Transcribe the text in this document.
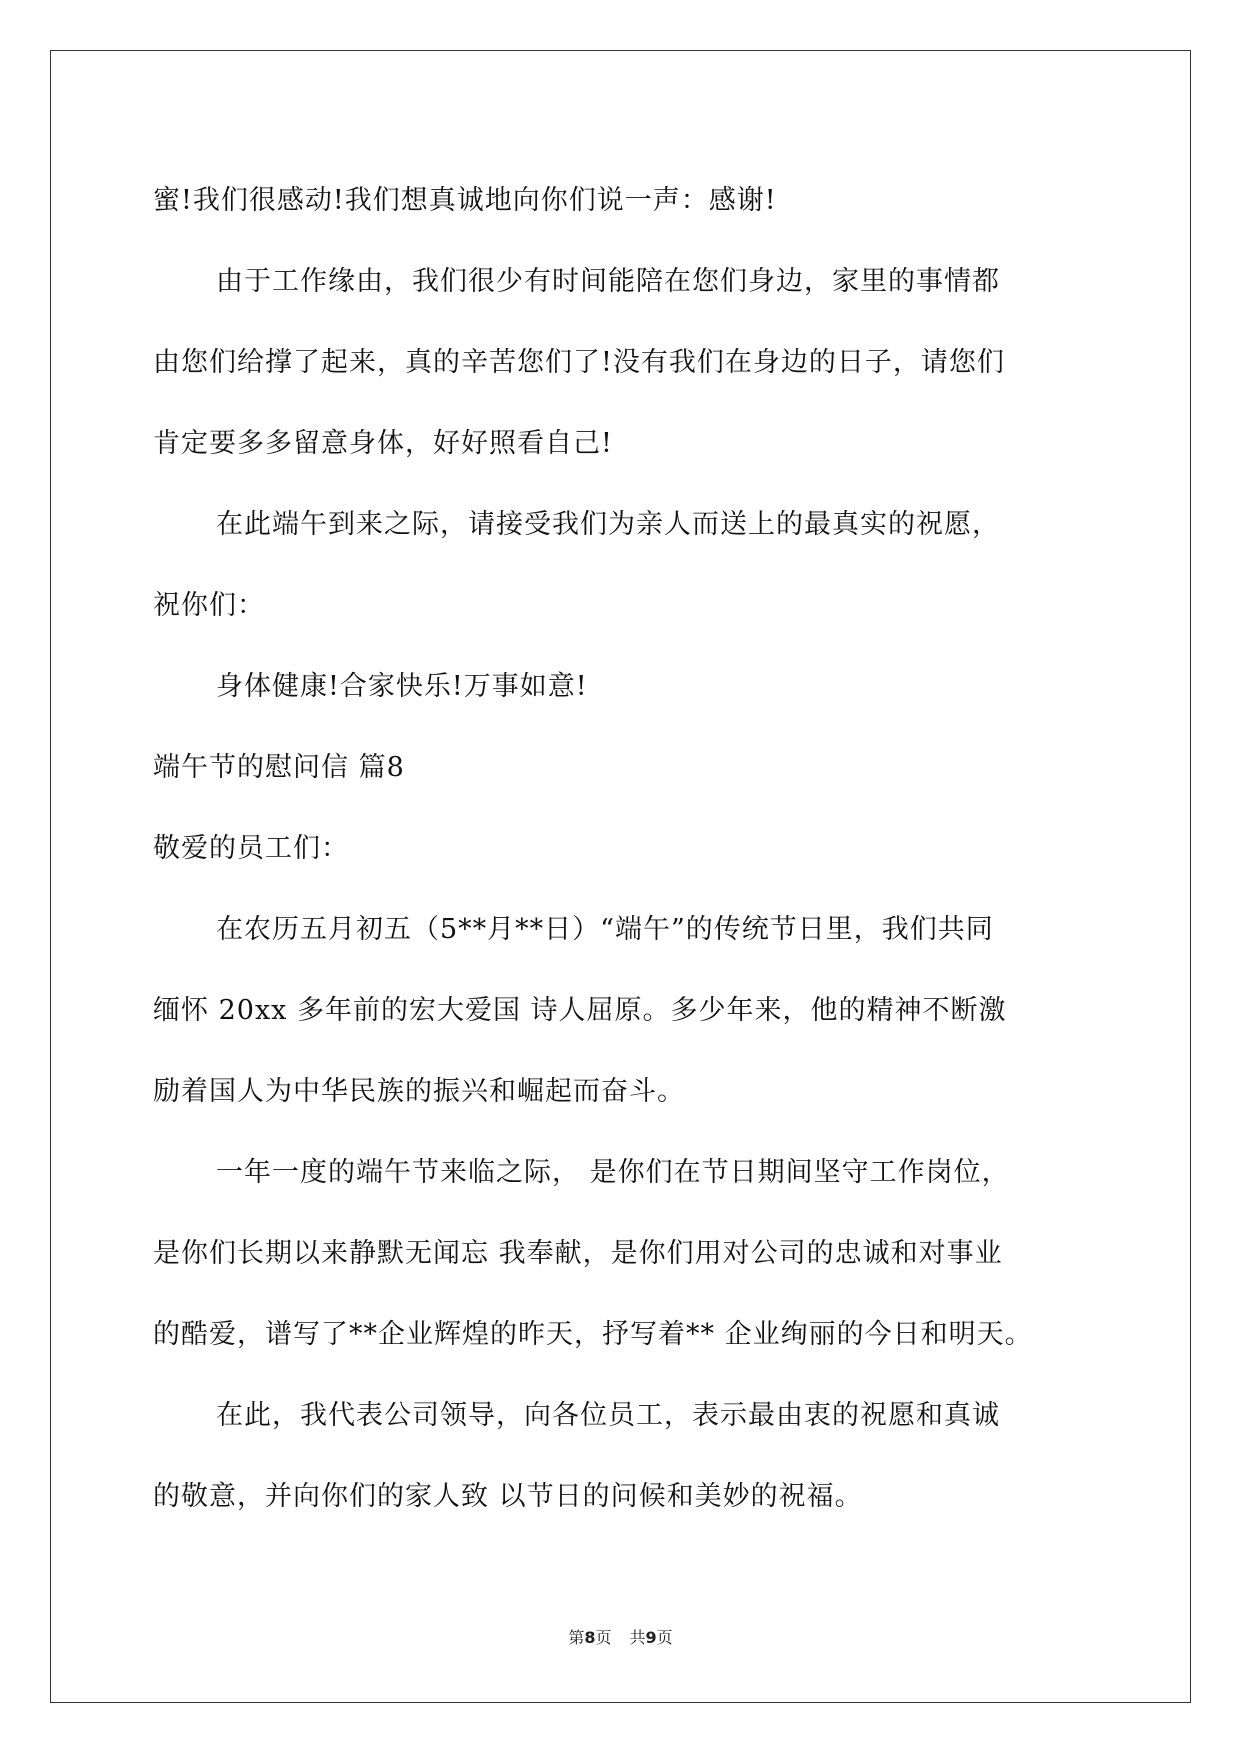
蜜!我们很感动!我们想真诚地向你们说一声：感谢!
由于工作缘由，我们很少有时间能陪在您们身边，家里的事情都
由您们给撑了起来，真的辛苦您们了!没有我们在身边的日子，请您们
肯定要多多留意身体，好好照看自己!
在此端午到来之际，请接受我们为亲人而送上的最真实的祝愿，
祝你们：
身体健康!合家快乐!万事如意!
端午节的慰问信 篇8
敬爱的员工们：
在农历五月初五（5**月**日）“端午”的传统节日里，我们共同
缅怀 20xx 多年前的宏大爱国 诗人屈原。多少年来，他的精神不断激
励着国人为中华民族的振兴和崛起而奋斗。
一年一度的端午节来临之际， 是你们在节日期间坚守工作岗位，
是你们长期以来静默无闻忘 我奉献，是你们用对公司的忠诚和对事业
的酷爱，谱写了**企业辉煌的昨天，抒写着** 企业绚丽的今日和明天。
在此，我代表公司领导，向各位员工，表示最由衷的祝愿和真诚
的敬意，并向你们的家人致 以节日的问候和美妙的祝福。
第8页 共9页
